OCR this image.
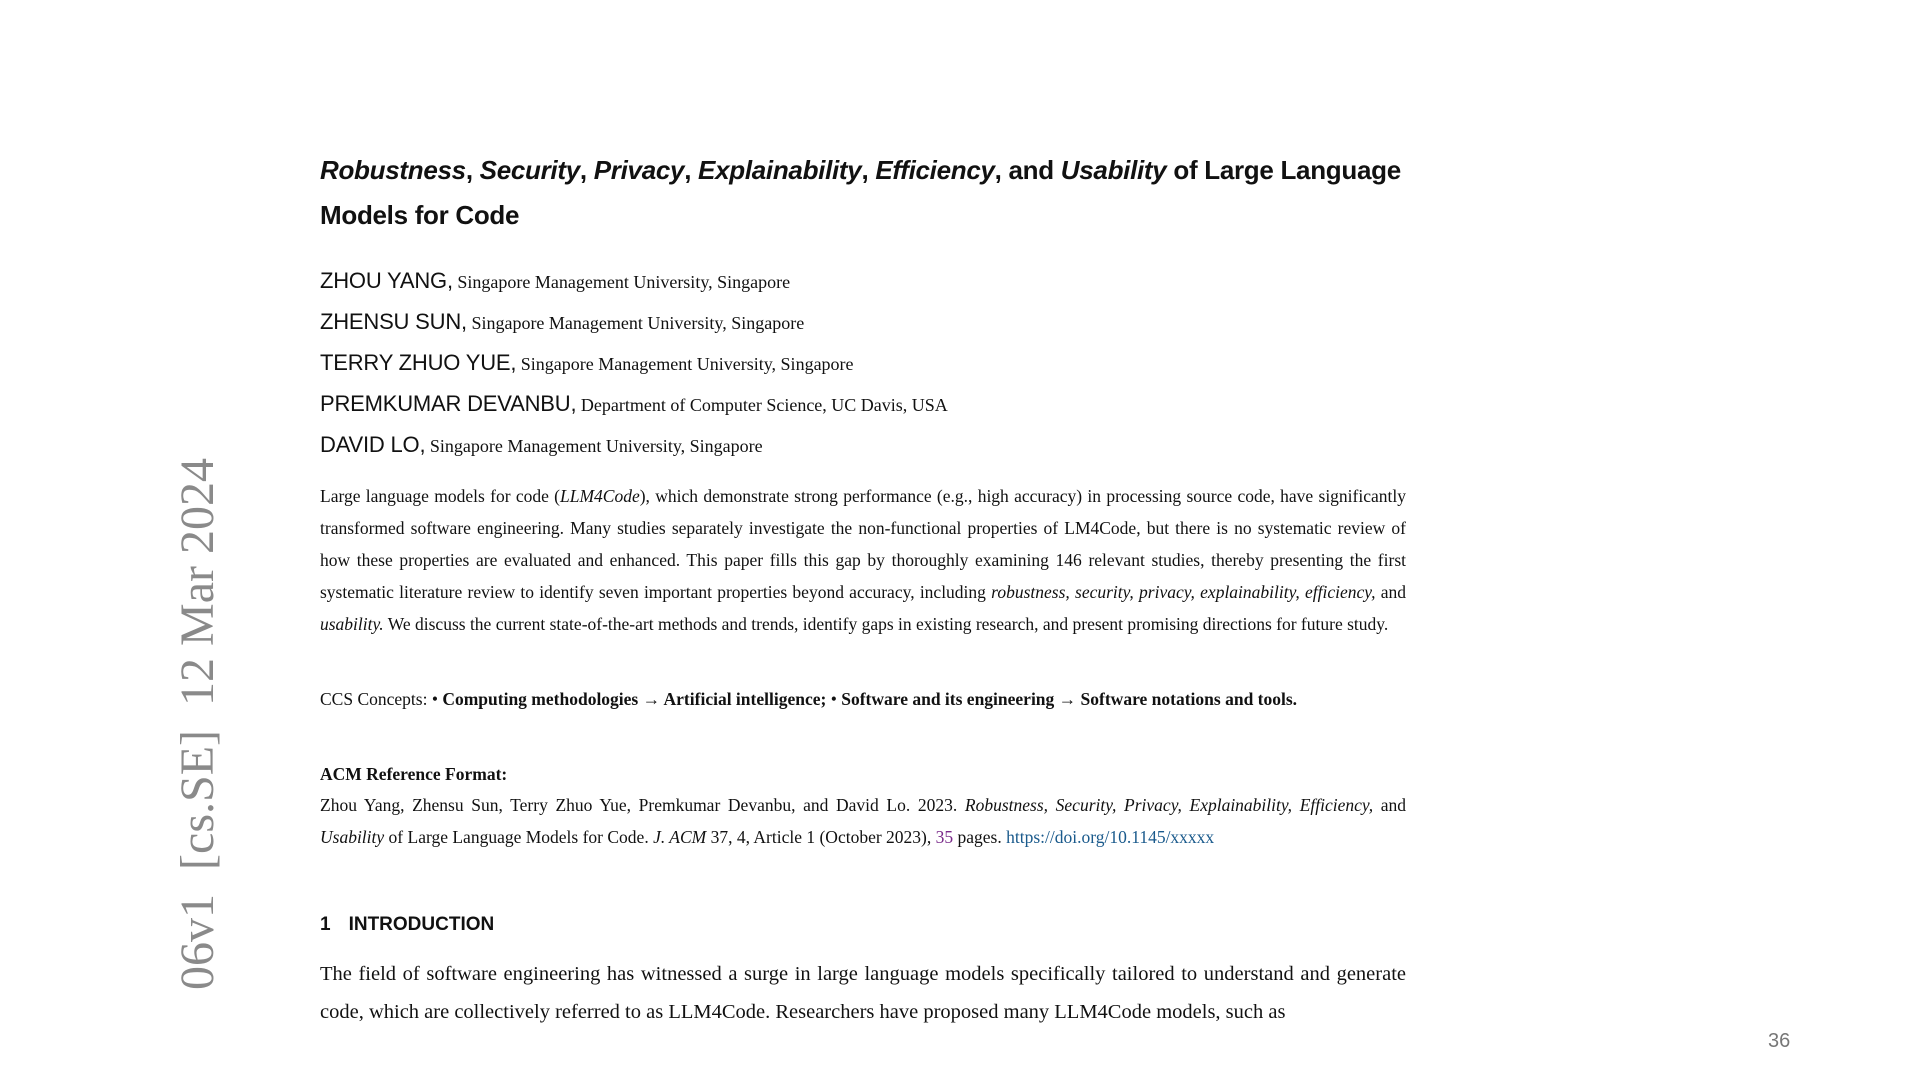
06v1  [cs.SE]  12 Mar 2024
Robustness, Security, Privacy, Explainability, Efficiency, and Usability of Large Language Models for Code
ZHOU YANG, Singapore Management University, Singapore
ZHENSU SUN, Singapore Management University, Singapore
TERRY ZHUO YUE, Singapore Management University, Singapore
PREMKUMAR DEVANBU, Department of Computer Science, UC Davis, USA
DAVID LO, Singapore Management University, Singapore
Large language models for code (LLM4Code), which demonstrate strong performance (e.g., high accuracy) in processing source code, have significantly transformed software engineering. Many studies separately investigate the non-functional properties of LM4Code, but there is no systematic review of how these properties are evaluated and enhanced. This paper fills this gap by thoroughly examining 146 relevant studies, thereby presenting the first systematic literature review to identify seven important properties beyond accuracy, including robustness, security, privacy, explainability, efficiency, and usability. We discuss the current state-of-the-art methods and trends, identify gaps in existing research, and present promising directions for future study.
CCS Concepts: • Computing methodologies → Artificial intelligence; • Software and its engineering → Software notations and tools.
ACM Reference Format:
Zhou Yang, Zhensu Sun, Terry Zhuo Yue, Premkumar Devanbu, and David Lo. 2023. Robustness, Security, Privacy, Explainability, Efficiency, and Usability of Large Language Models for Code. J. ACM 37, 4, Article 1 (October 2023), 35 pages. https://doi.org/10.1145/xxxxx
1 INTRODUCTION
The field of software engineering has witnessed a surge in large language models specifically tailored to understand and generate code, which are collectively referred to as LLM4Code. Researchers have proposed many LLM4Code models, such as
36
